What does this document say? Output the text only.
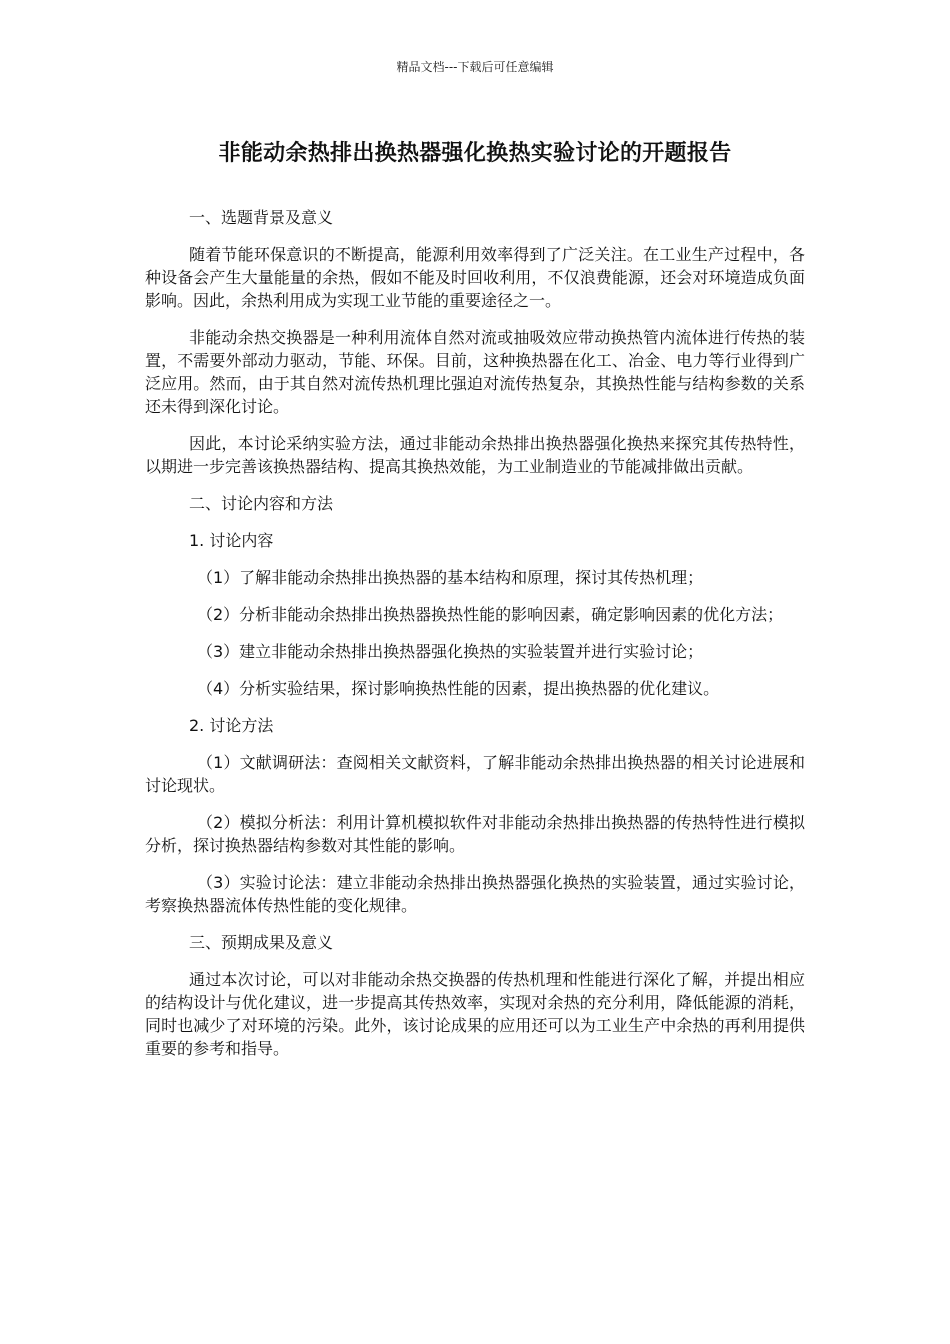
精品文档---下载后可任意编辑
非能动余热排出换热器强化换热实验讨论的开题报告

一、选题背景及意义

随着节能环保意识的不断提高，能源利用效率得到了广泛关注。在工业生产过程中，各种设备会产生大量能量的余热，假如不能及时回收利用，不仅浪费能源，还会对环境造成负面影响。因此，余热利用成为实现工业节能的重要途径之一。

非能动余热交换器是一种利用流体自然对流或抽吸效应带动换热管内流体进行传热的装置，不需要外部动力驱动，节能、环保。目前，这种换热器在化工、冶金、电力等行业得到广泛应用。然而，由于其自然对流传热机理比强迫对流传热复杂，其换热性能与结构参数的关系还未得到深化讨论。

因此，本讨论采纳实验方法，通过非能动余热排出换热器强化换热来探究其传热特性，以期进一步完善该换热器结构、提高其换热效能，为工业制造业的节能减排做出贡献。

二、讨论内容和方法

1. 讨论内容

（1）了解非能动余热排出换热器的基本结构和原理，探讨其传热机理；

（2）分析非能动余热排出换热器换热性能的影响因素，确定影响因素的优化方法；

（3）建立非能动余热排出换热器强化换热的实验装置并进行实验讨论；

（4）分析实验结果，探讨影响换热性能的因素，提出换热器的优化建议。

2. 讨论方法

（1）文献调研法：查阅相关文献资料，了解非能动余热排出换热器的相关讨论进展和讨论现状。

（2）模拟分析法：利用计算机模拟软件对非能动余热排出换热器的传热特性进行模拟分析，探讨换热器结构参数对其性能的影响。

（3）实验讨论法：建立非能动余热排出换热器强化换热的实验装置，通过实验讨论，考察换热器流体传热性能的变化规律。

三、预期成果及意义

通过本次讨论，可以对非能动余热交换器的传热机理和性能进行深化了解，并提出相应的结构设计与优化建议，进一步提高其传热效率，实现对余热的充分利用，降低能源的消耗，同时也减少了对环境的污染。此外，该讨论成果的应用还可以为工业生产中余热的再利用提供重要的参考和指导。
